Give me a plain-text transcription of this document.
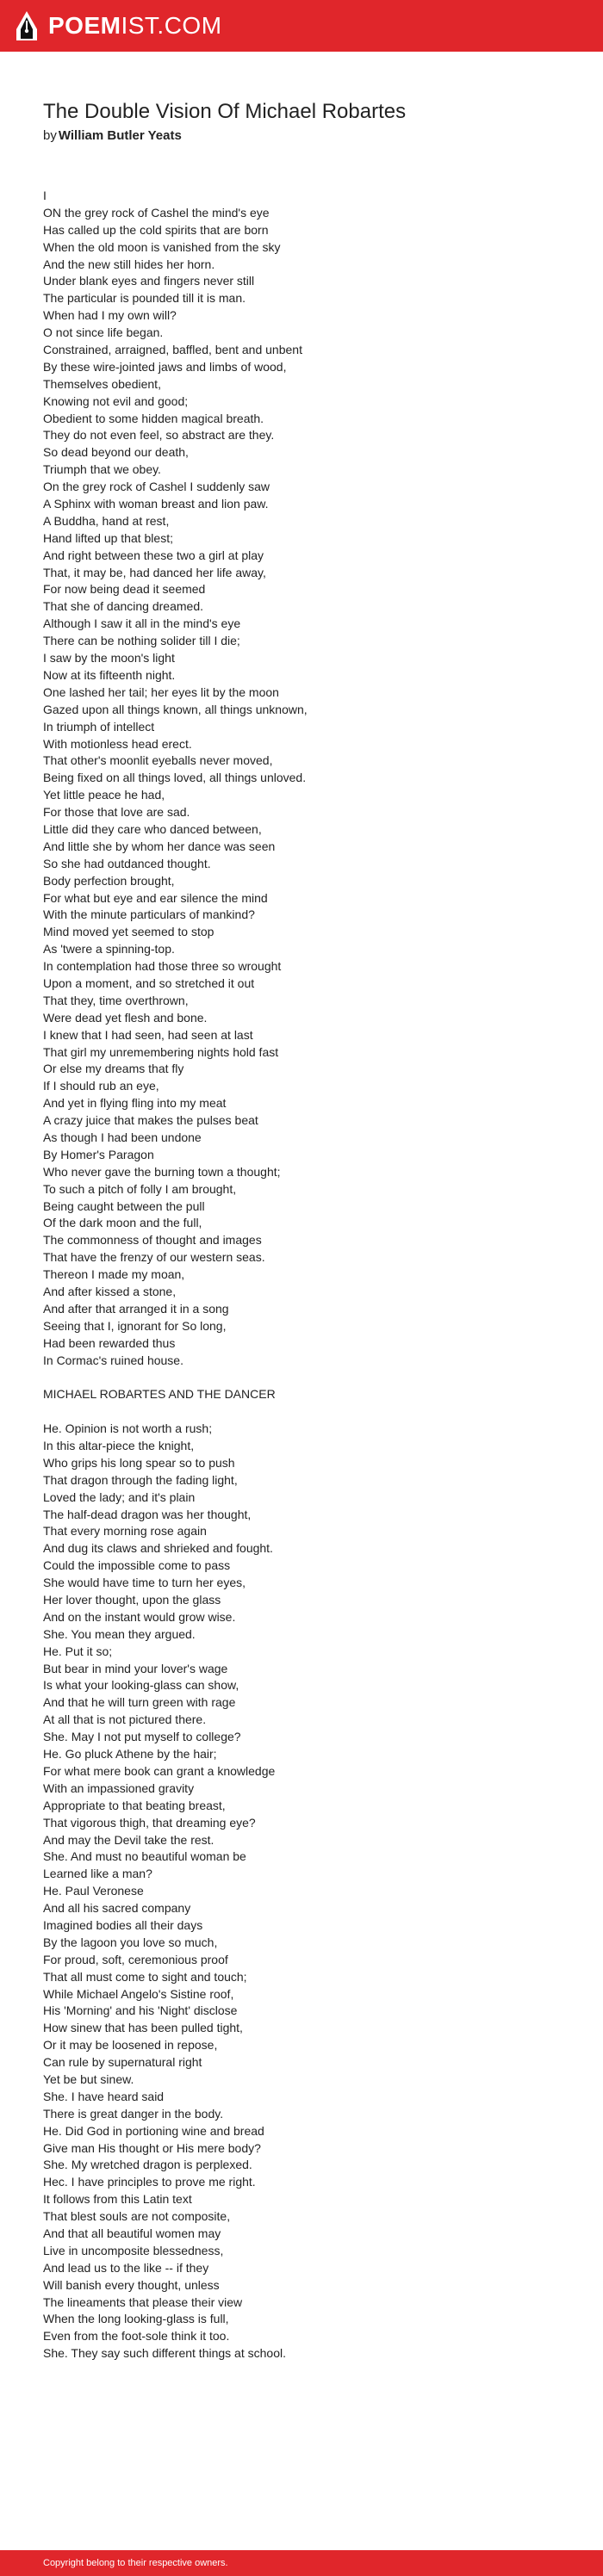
POEMIST.COM
The Double Vision Of Michael Robartes

by William Butler Yeats

I
ON the grey rock of Cashel the mind's eye
Has called up the cold spirits that are born
When the old moon is vanished from the sky
And the new still hides her horn.
Under blank eyes and fingers never still
The particular is pounded till it is man.
When had I my own will?
O not since life began.
Constrained, arraigned, baffled, bent and unbent
By these wire-jointed jaws and limbs of wood,
Themselves obedient,
Knowing not evil and good;
Obedient to some hidden magical breath.
They do not even feel, so abstract are they.
So dead beyond our death,
Triumph that we obey.
On the grey rock of Cashel I suddenly saw
A Sphinx with woman breast and lion paw.
A Buddha, hand at rest,
Hand lifted up that blest;
And right between these two a girl at play
That, it may be, had danced her life away,
For now being dead it seemed
That she of dancing dreamed.
Although I saw it all in the mind's eye
There can be nothing solider till I die;
I saw by the moon's light
Now at its fifteenth night.
One lashed her tail; her eyes lit by the moon
Gazed upon all things known, all things unknown,
In triumph of intellect
With motionless head erect.
That other's moonlit eyeballs never moved,
Being fixed on all things loved, all things unloved.
Yet little peace he had,
For those that love are sad.
Little did they care who danced between,
And little she by whom her dance was seen
So she had outdanced thought.
Body perfection brought,
For what but eye and ear silence the mind
With the minute particulars of mankind?
Mind moved yet seemed to stop
As 'twere a spinning-top.
In contemplation had those three so wrought
Upon a moment, and so stretched it out
That they, time overthrown,
Were dead yet flesh and bone.
I knew that I had seen, had seen at last
That girl my unremembering nights hold fast
Or else my dreams that fly
If I should rub an eye,
And yet in flying fling into my meat
A crazy juice that makes the pulses beat
As though I had been undone
By Homer's Paragon
Who never gave the burning town a thought;
To such a pitch of folly I am brought,
Being caught between the pull
Of the dark moon and the full,
The commonness of thought and images
That have the frenzy of our western seas.
Thereon I made my moan,
And after kissed a stone,
And after that arranged it in a song
Seeing that I, ignorant for So long,
Had been rewarded thus
In Cormac's ruined house.
MICHAEL ROBARTES AND THE DANCER
He. Opinion is not worth a rush;
In this altar-piece the knight,
Who grips his long spear so to push
That dragon through the fading light,
Loved the lady; and it's plain
The half-dead dragon was her thought,
That every morning rose again
And dug its claws and shrieked and fought.
Could the impossible come to pass
She would have time to turn her eyes,
Her lover thought, upon the glass
And on the instant would grow wise.
She. You mean they argued.
He. Put it so;
But bear in mind your lover's wage
Is what your looking-glass can show,
And that he will turn green with rage
At all that is not pictured there.
She. May I not put myself to college?
He. Go pluck Athene by the hair;
For what mere book can grant a knowledge
With an impassioned gravity
Appropriate to that beating breast,
That vigorous thigh, that dreaming eye?
And may the Devil take the rest.
She. And must no beautiful woman be
Learned like a man?
He. Paul Veronese
And all his sacred company
Imagined bodies all their days
By the lagoon you love so much,
For proud, soft, ceremonious proof
That all must come to sight and touch;
While Michael Angelo's Sistine roof,
His 'Morning' and his 'Night' disclose
How sinew that has been pulled tight,
Or it may be loosened in repose,
Can rule by supernatural right
Yet be but sinew.
She. I have heard said
There is great danger in the body.
He. Did God in portioning wine and bread
Give man His thought or His mere body?
She. My wretched dragon is perplexed.
Hec. I have principles to prove me right.
It follows from this Latin text
That blest souls are not composite,
And that all beautiful women may
Live in uncomposite blessedness,
And lead us to the like -- if they
Will banish every thought, unless
The lineaments that please their view
When the long looking-glass is full,
Even from the foot-sole think it too.
She. They say such different things at school.
Copyright belong to their respective owners.
